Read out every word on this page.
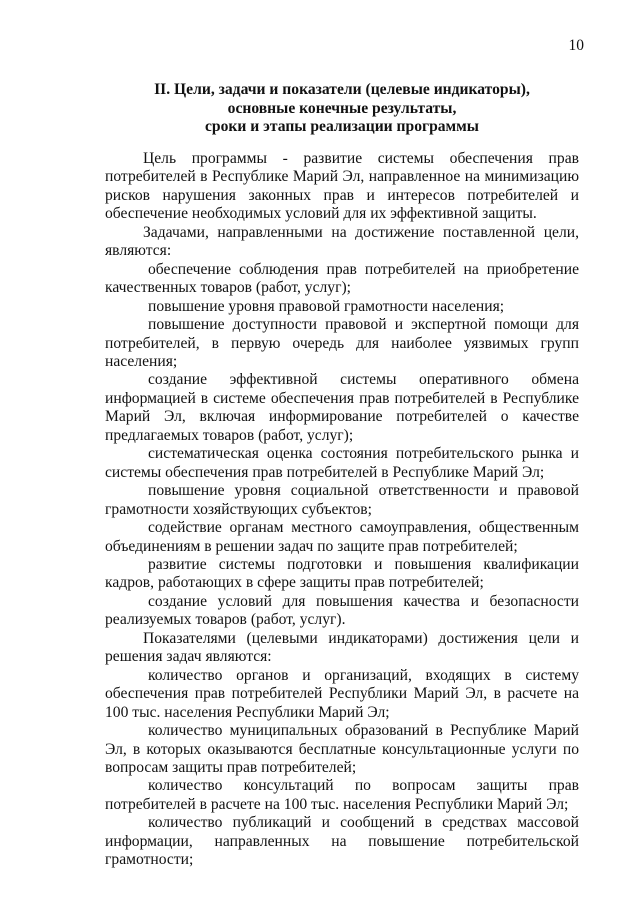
10
II. Цели, задачи и показатели (целевые индикаторы),
основные конечные результаты,
сроки и этапы реализации программы

Цель программы - развитие системы обеспечения прав потребителей в Республике Марий Эл, направленное на минимизацию рисков нарушения законных прав и интересов потребителей и обеспечение необходимых условий для их эффективной защиты.

Задачами, направленными на достижение поставленной цели, являются:

обеспечение соблюдения прав потребителей на приобретение качественных товаров (работ, услуг);

повышение уровня правовой грамотности населения;

повышение доступности правовой и экспертной помощи для потребителей, в первую очередь для наиболее уязвимых групп населения;

создание эффективной системы оперативного обмена информацией в системе обеспечения прав потребителей в Республике Марий Эл, включая информирование потребителей о качестве предлагаемых товаров (работ, услуг);

систематическая оценка состояния потребительского рынка и системы обеспечения прав потребителей в Республике Марий Эл;

повышение уровня социальной ответственности и правовой грамотности хозяйствующих субъектов;

содействие органам местного самоуправления, общественным объединениям в решении задач по защите прав потребителей;

развитие системы подготовки и повышения квалификации кадров, работающих в сфере защиты прав потребителей;

создание условий для повышения качества и безопасности реализуемых товаров (работ, услуг).

Показателями (целевыми индикаторами) достижения цели и решения задач являются:

количество органов и организаций, входящих в систему обеспечения прав потребителей Республики Марий Эл, в расчете на 100 тыс. населения Республики Марий Эл;

количество муниципальных образований в Республике Марий Эл, в которых оказываются бесплатные консультационные услуги по вопросам защиты прав потребителей;

количество консультаций по вопросам защиты прав потребителей в расчете на 100 тыс. населения Республики Марий Эл;

количество публикаций и сообщений в средствах массовой информации, направленных на повышение потребительской грамотности;
